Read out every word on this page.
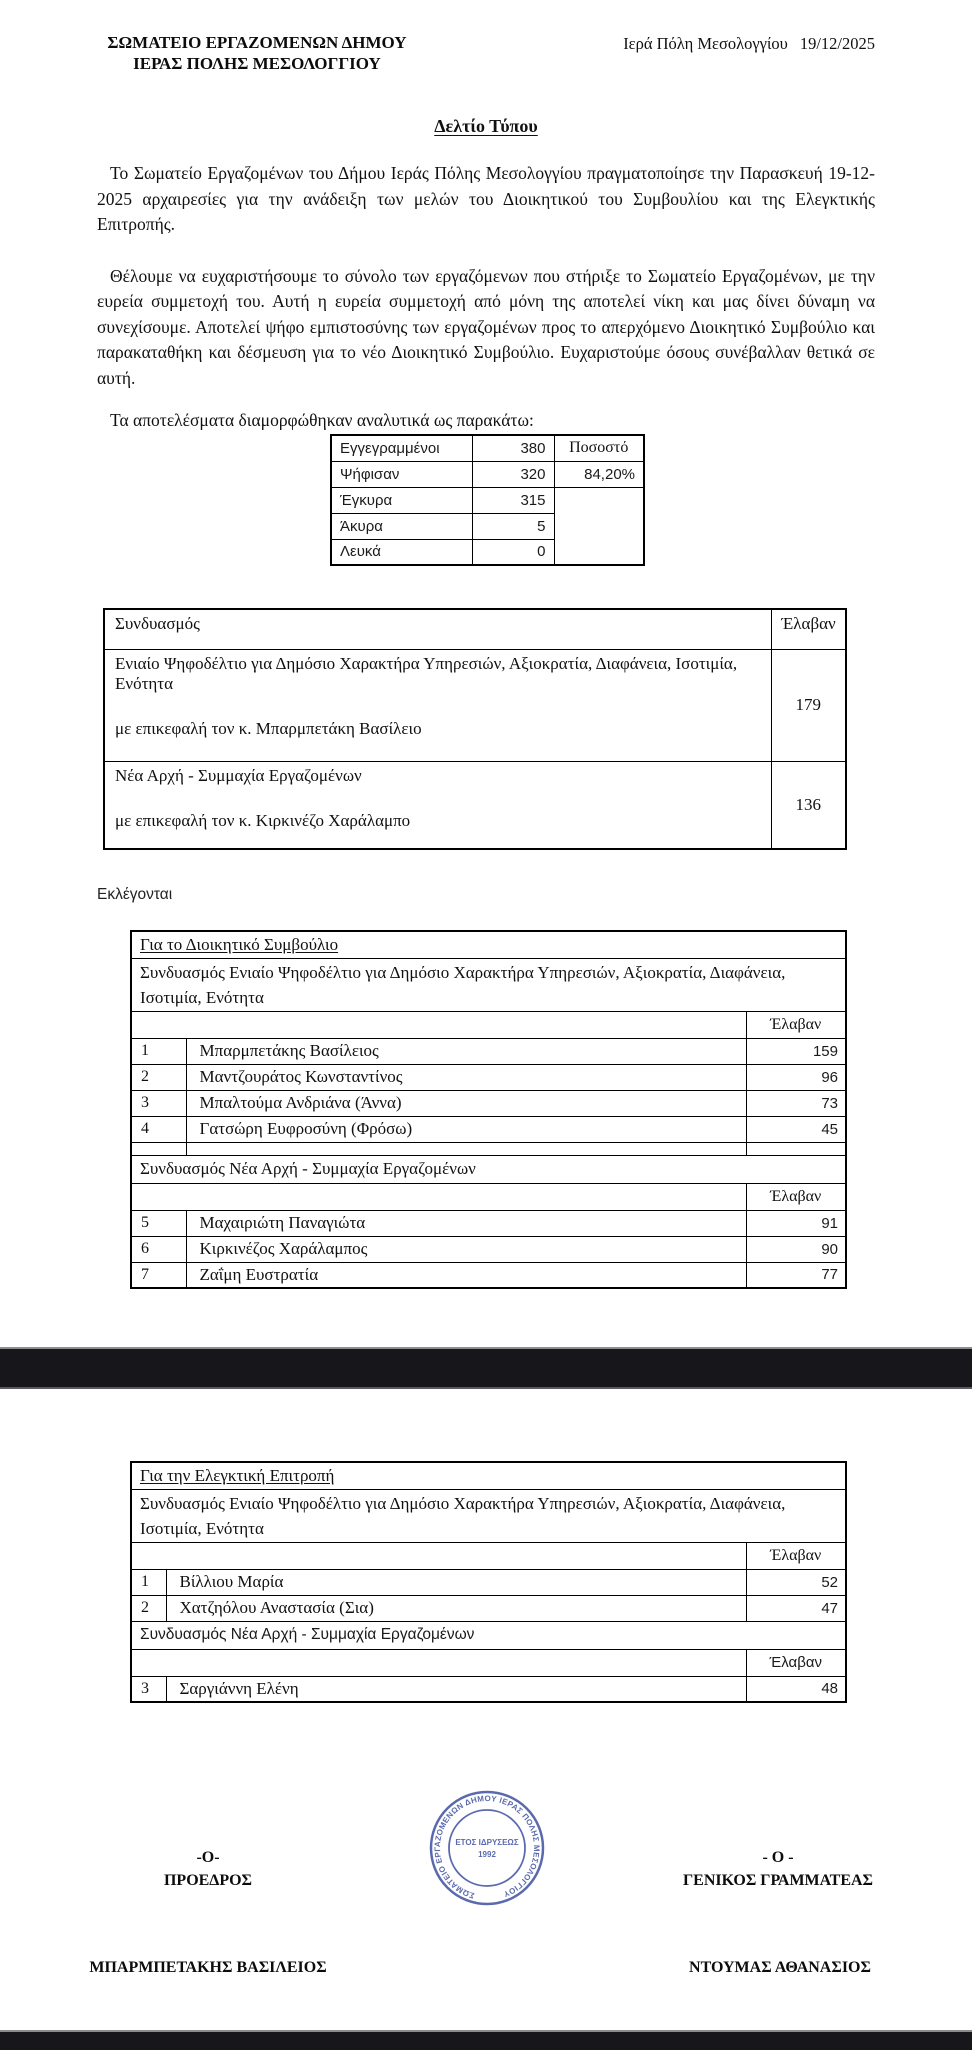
ΣΩΜΑΤΕΙΟ ΕΡΓΑΖΟΜΕΝΩΝ ΔΗΜΟΥ
ΙΕΡΑΣ ΠΟΛΗΣ ΜΕΣΟΛΟΓΓΙΟΥ
Ιερά Πόλη Μεσολογγίου 19/12/2025
Δελτίο Τύπου
Το Σωματείο Εργαζομένων του Δήμου Ιεράς Πόλης Μεσολογγίου πραγματοποίησε την Παρασκευή 19-12-2025 αρχαιρεσίες για την ανάδειξη των μελών του Διοικητικού του Συμβουλίου και της Ελεγκτικής Επιτροπής.
Θέλουμε να ευχαριστήσουμε το σύνολο των εργαζόμενων που στήριξε το Σωματείο Εργαζομένων, με την ευρεία συμμετοχή του. Αυτή η ευρεία συμμετοχή από μόνη της αποτελεί νίκη και μας δίνει δύναμη να συνεχίσουμε. Αποτελεί ψήφο εμπιστοσύνης των εργαζομένων προς το απερχόμενο Διοικητικό Συμβούλιο και παρακαταθήκη και δέσμευση για το νέο Διοικητικό Συμβούλιο. Ευχαριστούμε όσους συνέβαλλαν θετικά σε αυτή.
Τα αποτελέσματα διαμορφώθηκαν αναλυτικά ως παρακάτω:
Εγγεγραμμένοι	380	Ποσοστό
Ψήφισαν	320	84,20%
Έγκυρα	315	
Άκυρα	5	
Λευκά	0	
Συνδυασμός	Έλαβαν

Ενιαίο Ψηφοδέλτιο για Δημόσιο Χαρακτήρα Υπηρεσιών, Αξιοκρατία, Διαφάνεια, Ισοτιμία, Ενότητα
με επικεφαλή τον κ. Μπαρμπετάκη Βασίλειο	179

Νέα Αρχή - Συμμαχία Εργαζομένων
με επικεφαλή τον κ. Κιρκινέζο Χαράλαμπο	136
Εκλέγονται
Για το Διοικητικό Συμβούλιο		
Συνδυασμός Ενιαίο Ψηφοδέλτιο για Δημόσιο Χαρακτήρα Υπηρεσιών, Αξιοκρατία, Διαφάνεια, Ισοτιμία, Ενότητα		
		Έλαβαν
1	Μπαρμπετάκης Βασίλειος	159
2	Μαντζουράτος Κωνσταντίνος	96
3	Μπαλτούμα Ανδριάνα (Άννα)	73
4	Γατσώρη Ευφροσύνη (Φρόσω)	45

Συνδυασμός Νέα Αρχή - Συμμαχία Εργαζομένων		
		Έλαβαν
5	Μαχαιριώτη Παναγιώτα	91
6	Κιρκινέζος Χαράλαμπος	90
7	Ζαΐμη Ευστρατία	77
Για την Ελεγκτική Επιτροπή		
Συνδυασμός Ενιαίο Ψηφοδέλτιο για Δημόσιο Χαρακτήρα Υπηρεσιών, Αξιοκρατία, Διαφάνεια, Ισοτιμία, Ενότητα		
		Έλαβαν
1	Βίλλιου Μαρία	52
2	Χατζηόλου Αναστασία (Σια)	47
Συνδυασμός Νέα Αρχή - Συμμαχία Εργαζομένων		
		Έλαβαν
3	Σαργιάννη Ελένη	48
ΣΩΜΑΤΕΙΟ ΕΡΓΑΖΟΜΕΝΩΝ ΔΗΜΟΥ ΙΕΡΑΣ ΠΟΛΗΣ ΜΕΣΟΛΟΓΓΙΟΥ
ΕΤΟΣ ΙΔΡΥΣΕΩΣ
1992
-Ο-
ΠΡΟΕΔΡΟΣ
- Ο -
ΓΕΝΙΚΟΣ ΓΡΑΜΜΑΤΕΑΣ
ΜΠΑΡΜΠΕΤΑΚΗΣ ΒΑΣΙΛΕΙΟΣ	ΝΤΟΥΜΑΣ ΑΘΑΝΑΣΙΟΣ
